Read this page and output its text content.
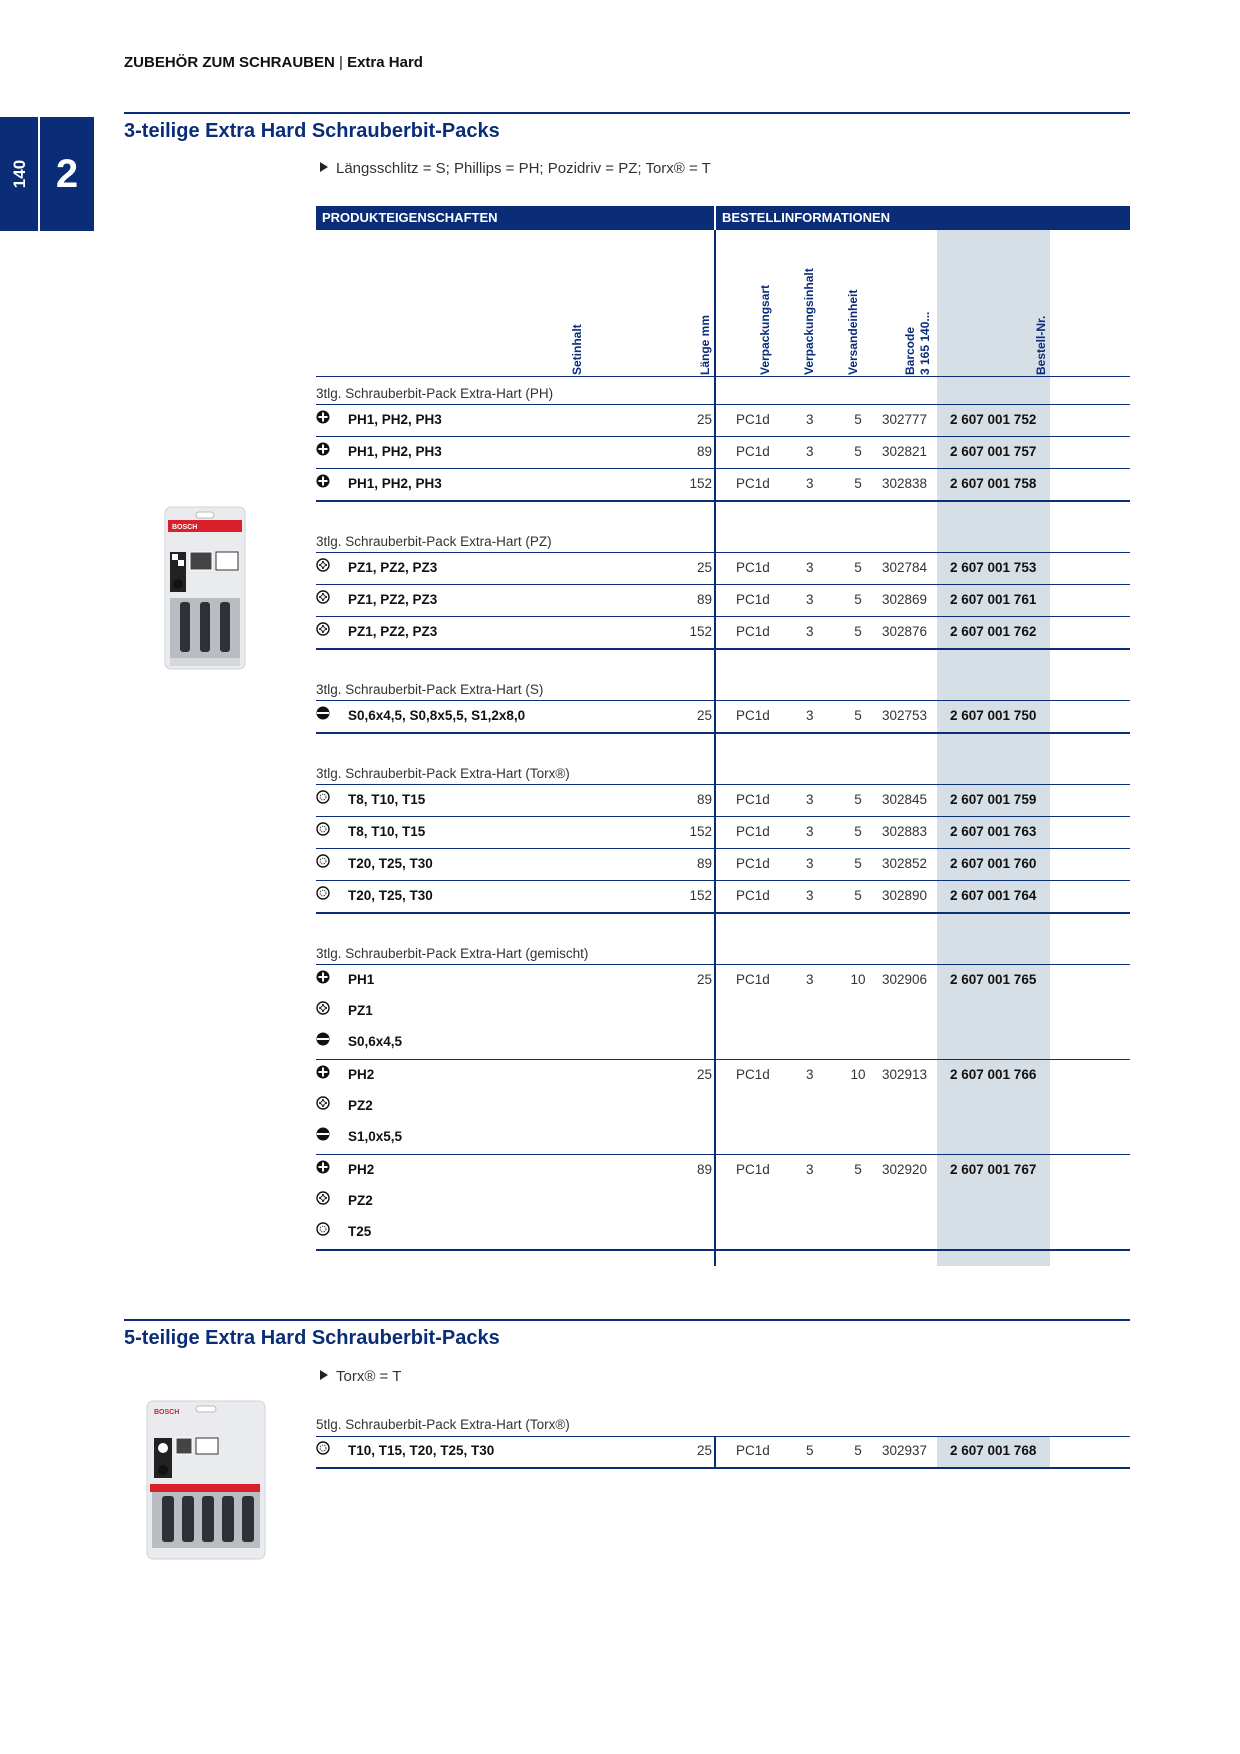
ZUBEHÖR ZUM SCHRAUBEN | Extra Hard
140 2
3-teilige Extra Hard Schrauberbit-Packs
Längsschlitz = S; Phillips = PH; Pozidriv = PZ; Torx® = T
PRODUKTEIGENSCHAFTEN	BESTELLINFORMATIONEN
Setinhalt	Länge mm	Verpackungsart	Verpackungsinhalt	Versandeinheit	Barcode 3 165 140...	Bestell-Nr.
3tlg. Schrauberbit-Pack Extra-Hart (PH)
PH1, PH2, PH3	25 PC1d	3	5	302777 2 607 001 752
PH1, PH2, PH3	89 PC1d	3	5	302821 2 607 001 757
PH1, PH2, PH3	152 PC1d	3	5	302838 2 607 001 758
3tlg. Schrauberbit-Pack Extra-Hart (PZ)
PZ1, PZ2, PZ3	25 PC1d	3	5	302784 2 607 001 753
PZ1, PZ2, PZ3	89 PC1d	3	5	302869 2 607 001 761
PZ1, PZ2, PZ3	152 PC1d	3	5	302876 2 607 001 762
3tlg. Schrauberbit-Pack Extra-Hart (S)
S0,6x4,5, S0,8x5,5, S1,2x8,0	25 PC1d	3	5	302753 2 607 001 750
3tlg. Schrauberbit-Pack Extra-Hart (Torx®)
T8, T10, T15	89 PC1d	3	5	302845 2 607 001 759
T8, T10, T15	152 PC1d	3	5	302883 2 607 001 763
T20, T25, T30	89 PC1d	3	5	302852 2 607 001 760
T20, T25, T30	152 PC1d	3	5	302890 2 607 001 764
3tlg. Schrauberbit-Pack Extra-Hart (gemischt)
PH1	25 PC1d	3	10	302906 2 607 001 765
PZ1
S0,6x4,5
PH2	25 PC1d	3	10	302913 2 607 001 766
PZ2
S1,0x5,5
PH2	89 PC1d	3	5	302920 2 607 001 767
PZ2
T25
BOSCH
5-teilige Extra Hard Schrauberbit-Packs
Torx® = T
5tlg. Schrauberbit-Pack Extra-Hart (Torx®)
T10, T15, T20, T25, T30	25 PC1d	5	5	302937 2 607 001 768
BOSCH
